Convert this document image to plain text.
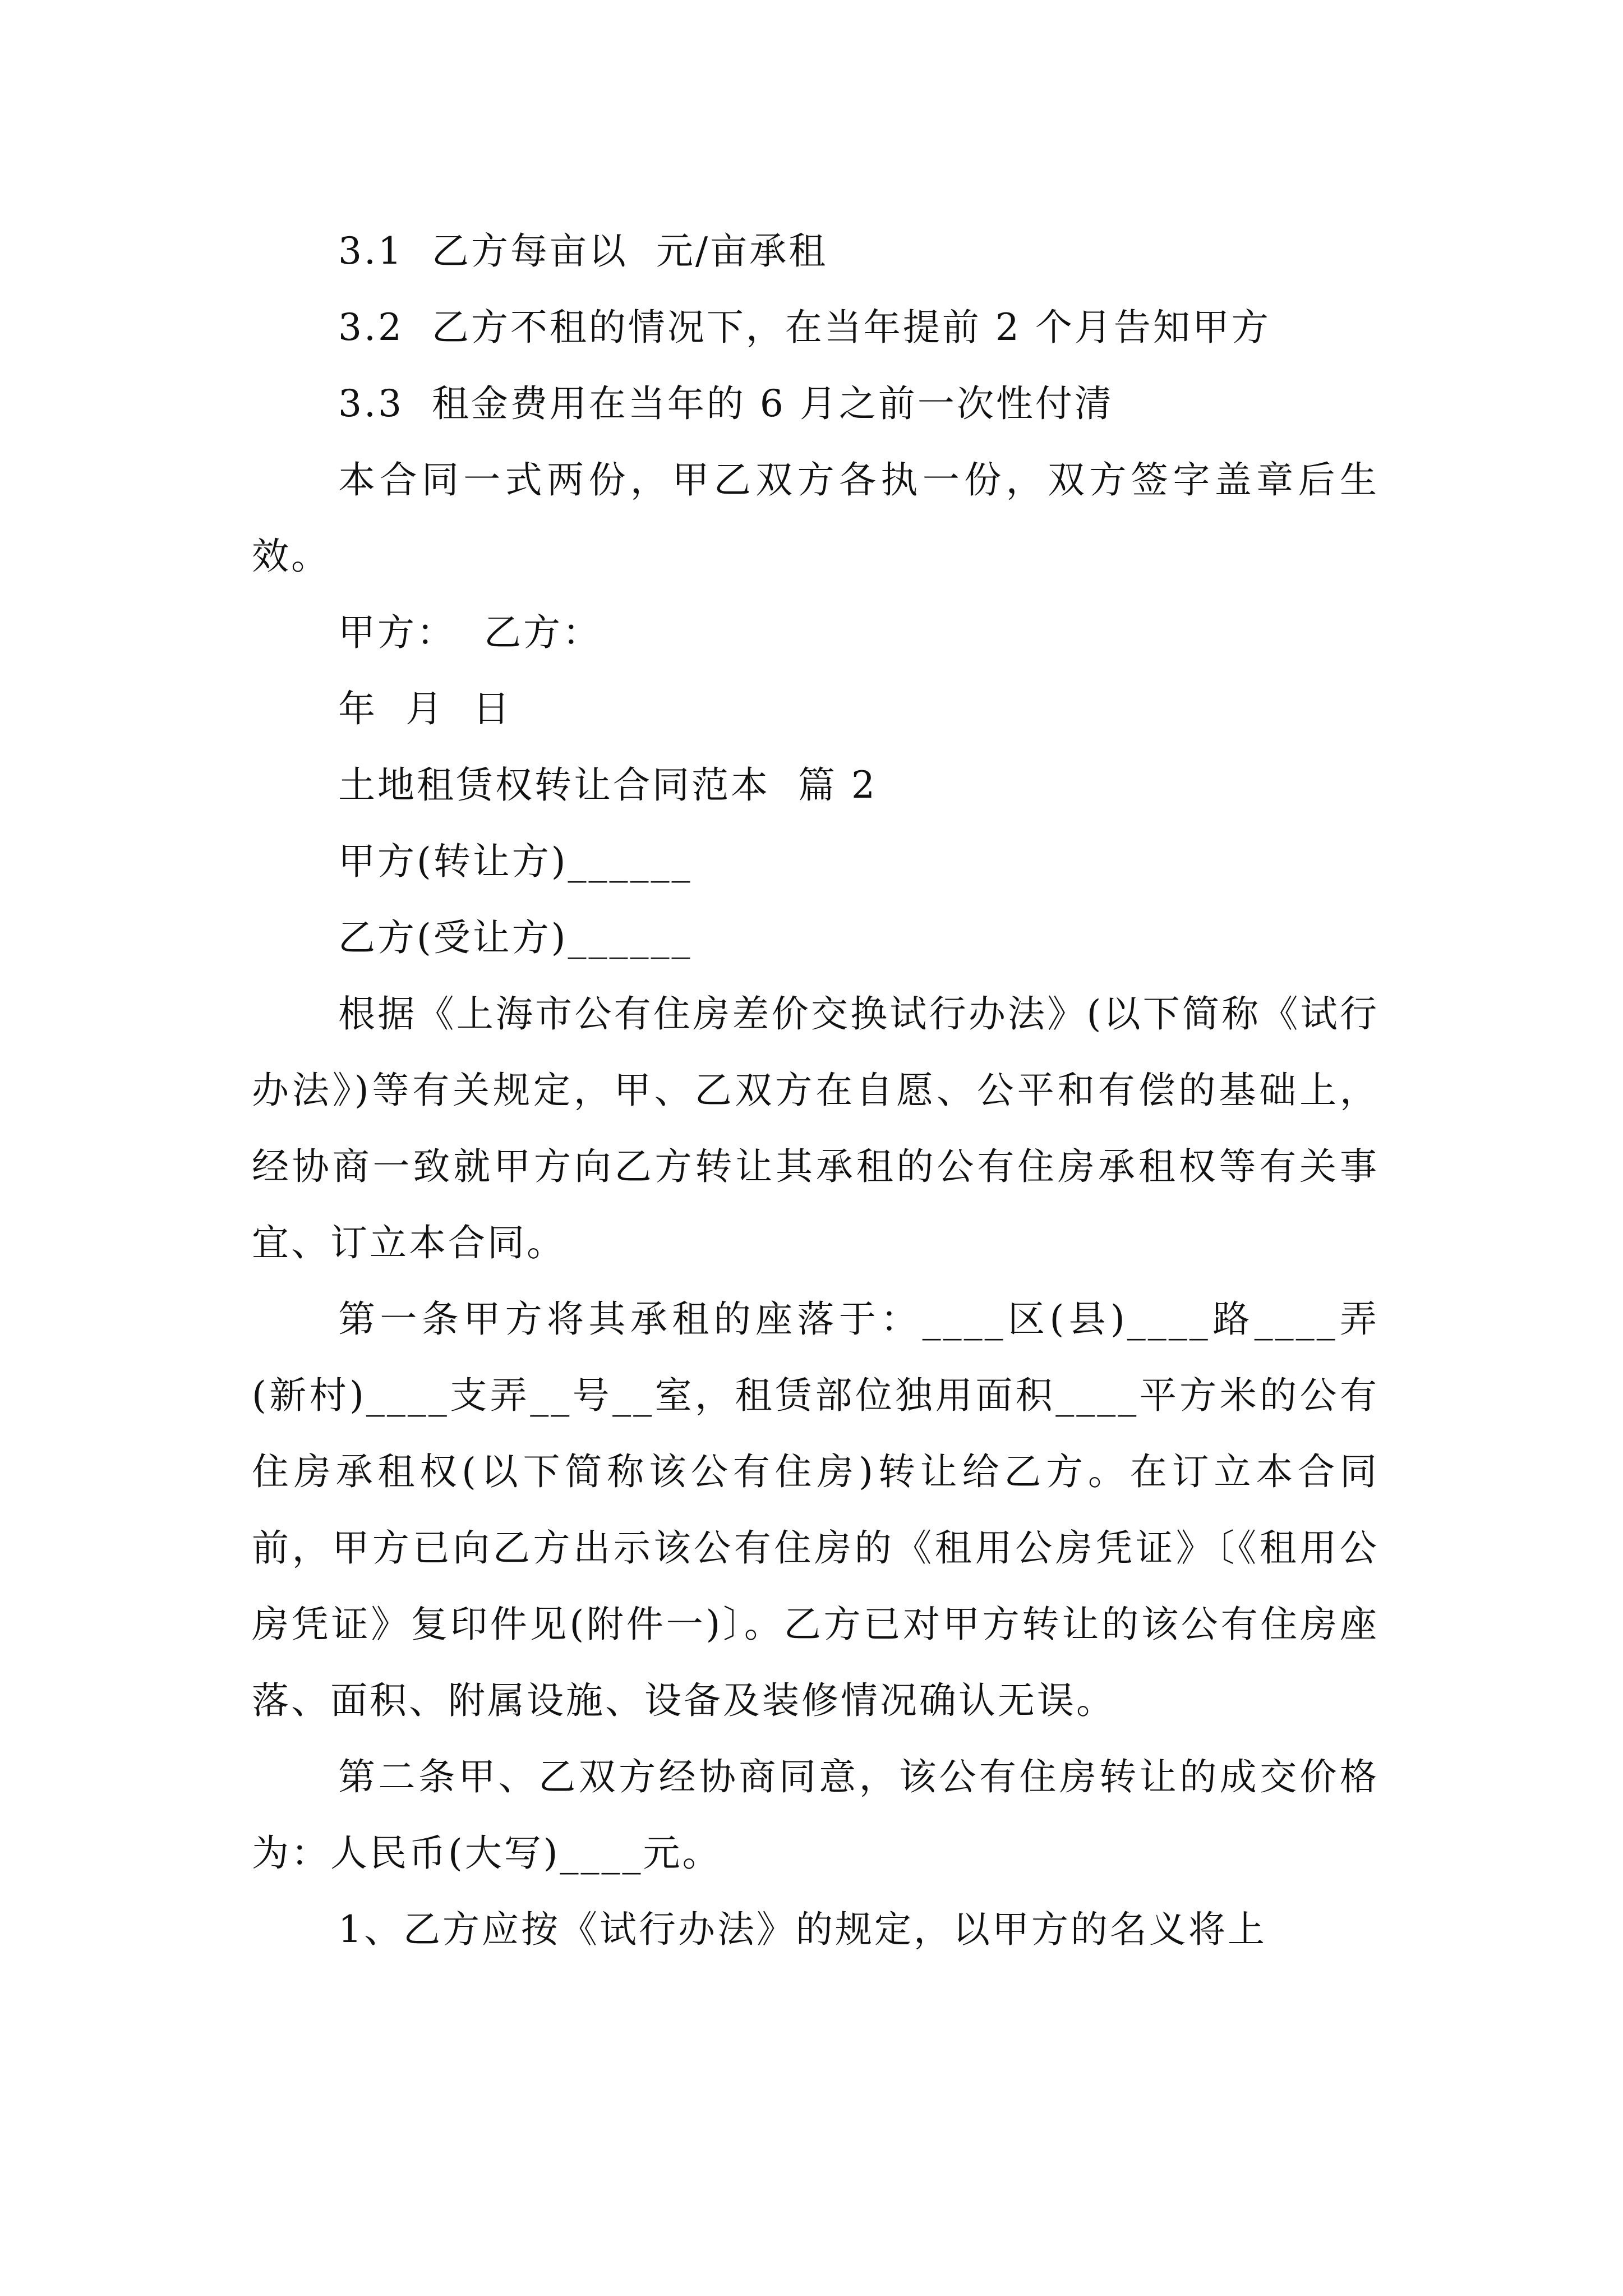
3.1  乙方每亩以  元/亩承租

3.2  乙方不租的情况下，在当年提前 2 个月告知甲方

3.3  租金费用在当年的 6 月之前一次性付清

本合同一式两份，甲乙双方各执一份，双方签字盖章后生效。

甲方：  乙方：

年  月  日

土地租赁权转让合同范本  篇 2

甲方(转让方)______

乙方(受让方)______

根据《上海市公有住房差价交换试行办法》(以下简称《试行办法》)等有关规定，甲、乙双方在自愿、公平和有偿的基础上，经协商一致就甲方向乙方转让其承租的公有住房承租权等有关事宜、订立本合同。

第一条甲方将其承租的座落于：____区(县)____路____弄(新村)____支弄__号__室，租赁部位独用面积____平方米的公有住房承租权(以下简称该公有住房)转让给乙方。在订立本合同前，甲方已向乙方出示该公有住房的《租用公房凭证》〔《租用公房凭证》复印件见(附件一)〕。乙方已对甲方转让的该公有住房座落、面积、附属设施、设备及装修情况确认无误。

第二条甲、乙双方经协商同意，该公有住房转让的成交价格为：人民币(大写)____元。

1、乙方应按《试行办法》的规定，以甲方的名义将上
